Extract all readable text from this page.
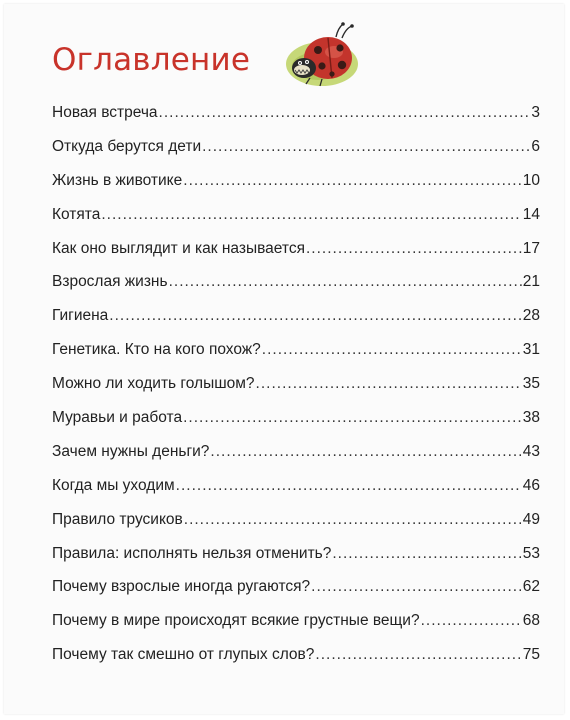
Оглавление
Новая встреча .....	3
Откуда берутся дети .....	6
Жизнь в животике .....	10
Котята .....	14
Как оно выглядит и как называется .....	17
Взрослая жизнь .....	21
Гигиена .....	28
Генетика. Кто на кого похож? .....	31
Можно ли ходить голышом? .....	35
Муравьи и работа .....	38
Зачем нужны деньги? .....	43
Когда мы уходим .....	46
Правило трусиков .....	49
Правила: исполнять нельзя отменить? .....	53
Почему взрослые иногда ругаются? .....	62
Почему в мире происходят всякие грустные вещи? .....	68
Почему так смешно от глупых слов? .....	75
